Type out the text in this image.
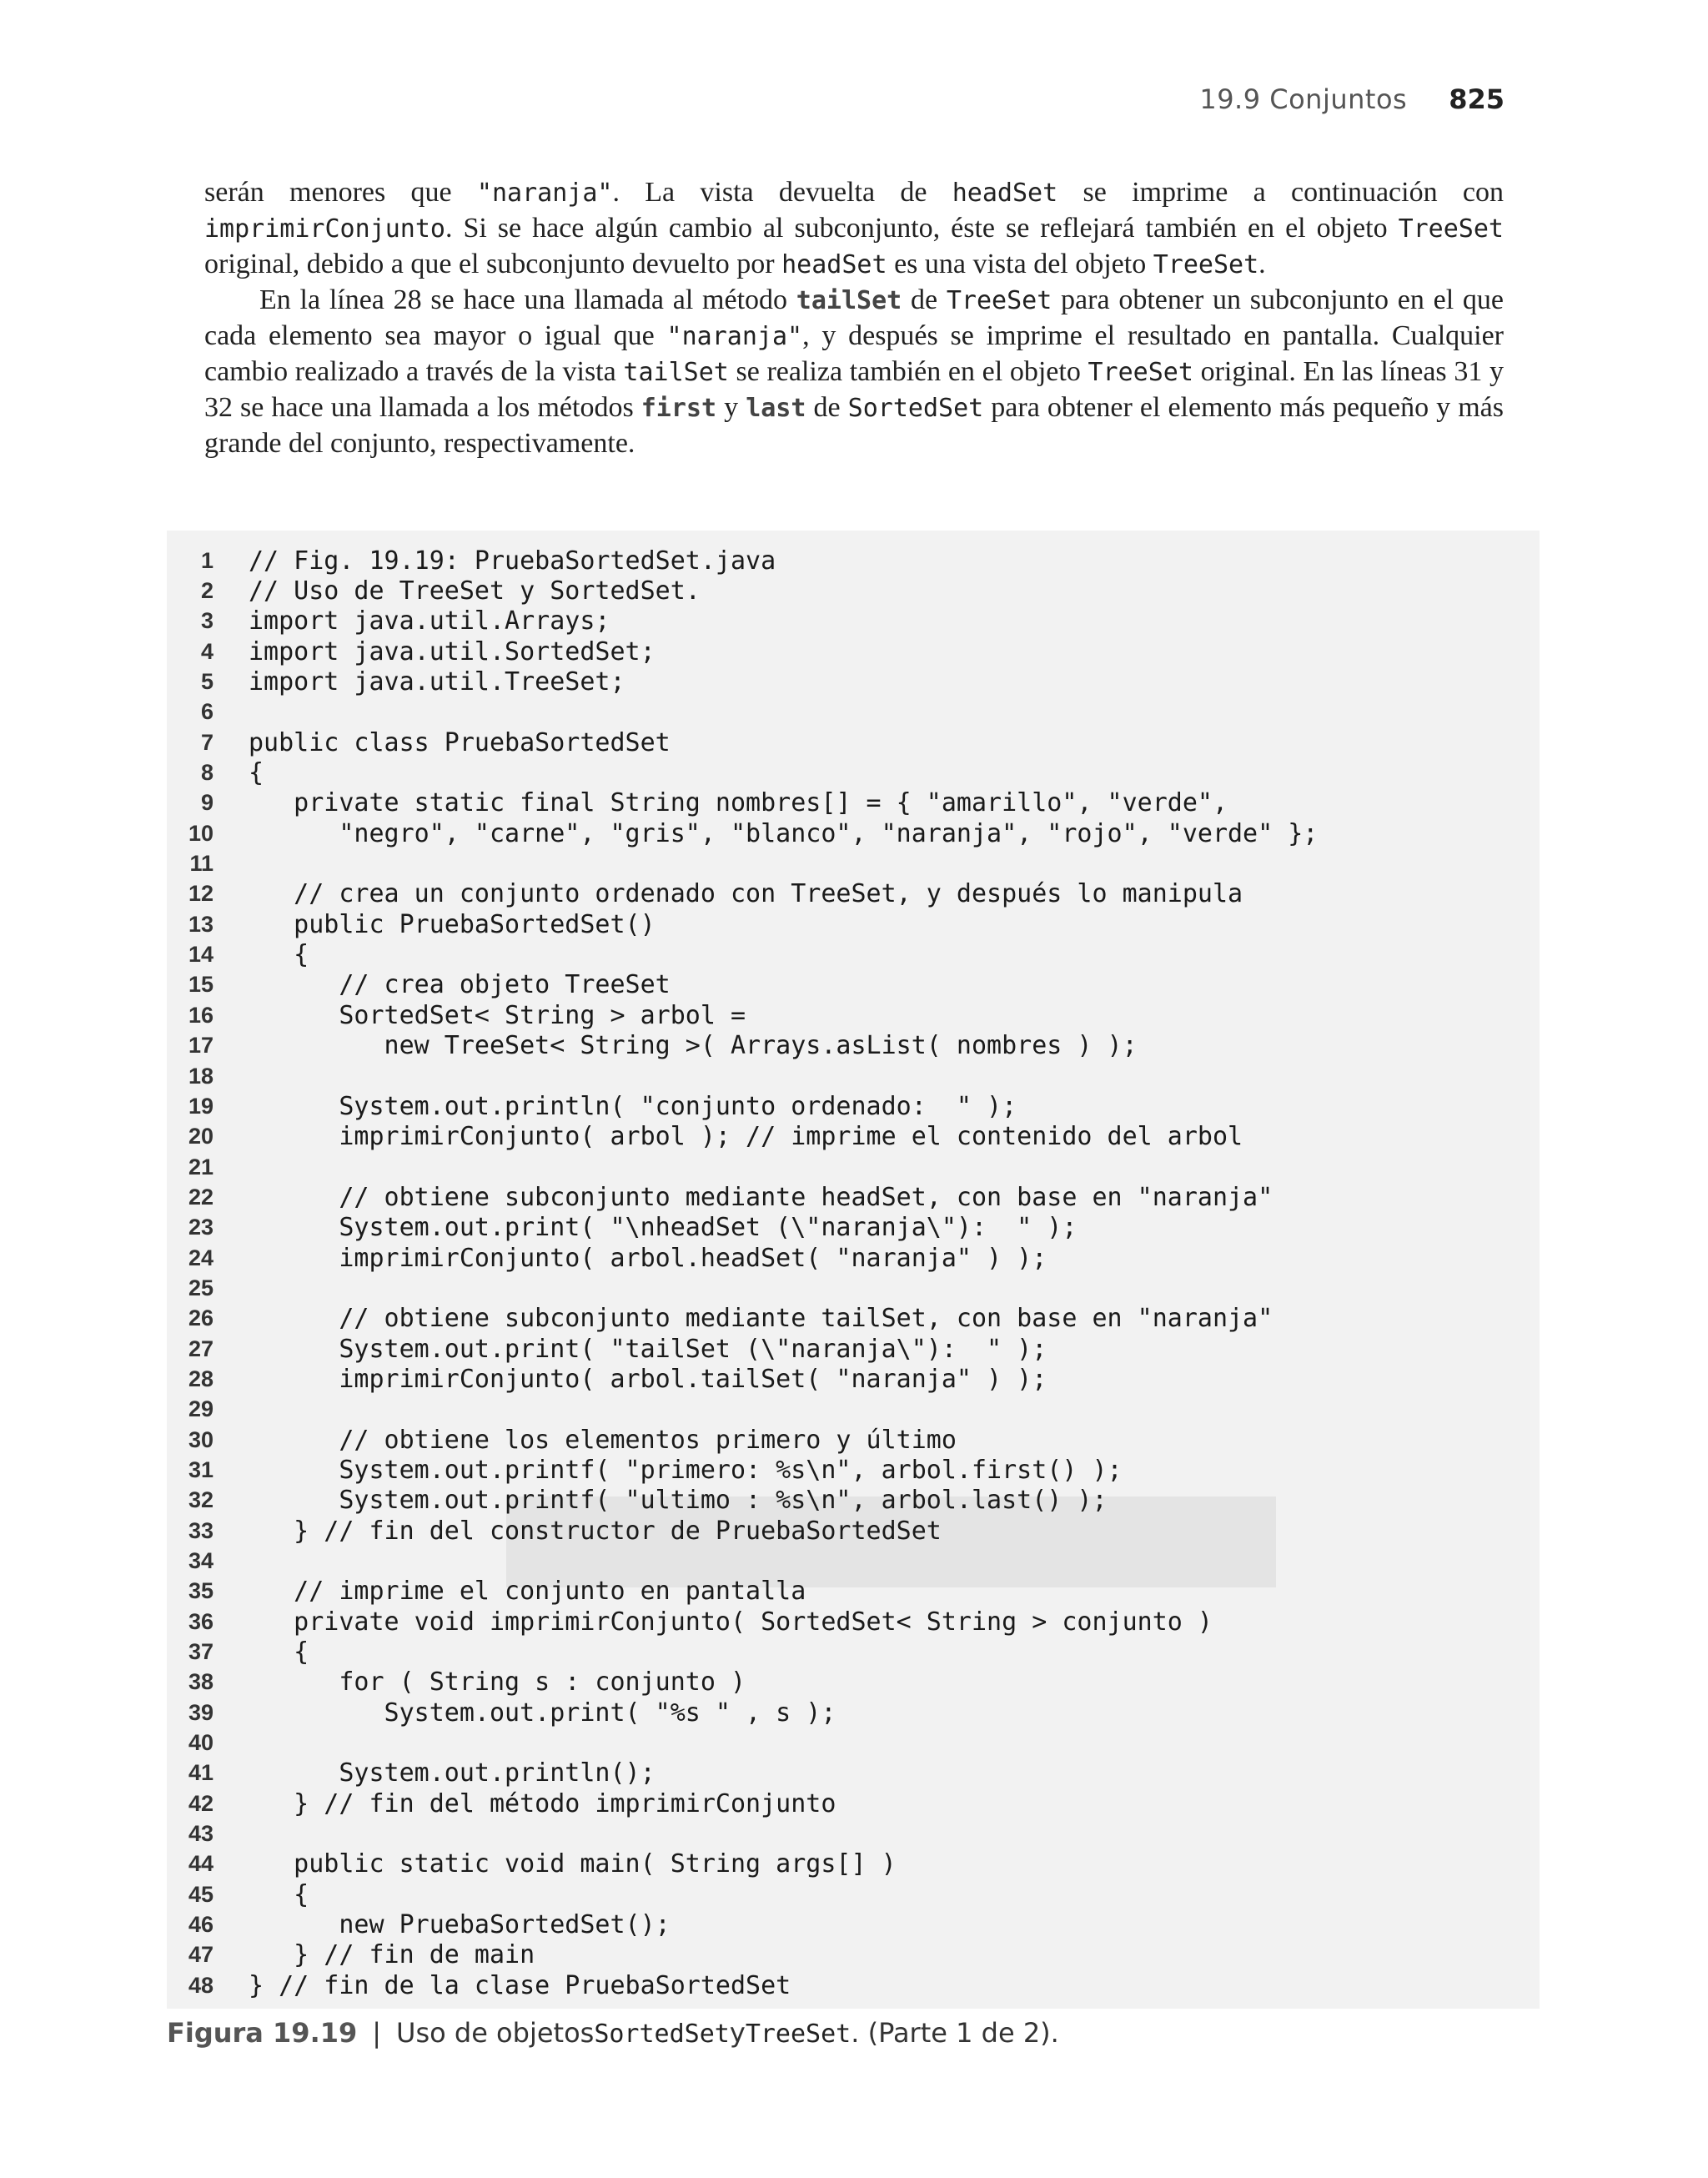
19.9 Conjuntos 825

serán menores que "naranja". La vista devuelta de headSet se imprime a continuación con imprimirConjunto. Si se hace algún cambio al subconjunto, éste se reflejará también en el objeto TreeSet original, debido a que el subconjunto devuelto por headSet es una vista del objeto TreeSet.

En la línea 28 se hace una llamada al método tailSet de TreeSet para obtener un subconjunto en el que cada elemento sea mayor o igual que "naranja", y después se imprime el resultado en pantalla. Cualquier cambio realizado a través de la vista tailSet se realiza también en el objeto TreeSet original. En las líneas 31 y 32 se hace una llamada a los métodos first y last de SortedSet para obtener el elemento más pequeño y más grande del conjunto, respectivamente.

1 // Fig. 19.19: PruebaSortedSet.java
2 // Uso de TreeSet y SortedSet.
3 import java.util.Arrays;
4 import java.util.SortedSet;
5 import java.util.TreeSet;
6
7 public class PruebaSortedSet
8 {
9 private static final String nombres[] = { "amarillo", "verde",
10 "negro", "carne", "gris", "blanco", "naranja", "rojo", "verde" };
11
12 // crea un conjunto ordenado con TreeSet, y después lo manipula
13 public PruebaSortedSet()
14 {
15 // crea objeto TreeSet
16 SortedSet< String > arbol =
17 new TreeSet< String >( Arrays.asList( nombres ) );
18
19 System.out.println( "conjunto ordenado:  " );
20 imprimirConjunto( arbol ); // imprime el contenido del arbol
21
22 // obtiene subconjunto mediante headSet, con base en "naranja"
23 System.out.print( "\nheadSet (\"naranja\"):  " );
24 imprimirConjunto( arbol.headSet( "naranja" ) );
25
26 // obtiene subconjunto mediante tailSet, con base en "naranja"
27 System.out.print( "tailSet (\"naranja\"):  " );
28 imprimirConjunto( arbol.tailSet( "naranja" ) );
29
30 // obtiene los elementos primero y último
31 System.out.printf( "primero: %s\n", arbol.first() );
32 System.out.printf( "ultimo : %s\n", arbol.last() );
33 } // fin del constructor de PruebaSortedSet
34
35 // imprime el conjunto en pantalla
36 private void imprimirConjunto( SortedSet< String > conjunto )
37 {
38 for ( String s : conjunto )
39 System.out.print( "%s " , s );
40
41 System.out.println();
42 } // fin del método imprimirConjunto
43
44 public static void main( String args[] )
45 {
46 new PruebaSortedSet();
47 } // fin de main
48 } // fin de la clase PruebaSortedSet
Figura 19.19 | Uso de objetos SortedSet y TreeSet . (Parte 1 de 2).
